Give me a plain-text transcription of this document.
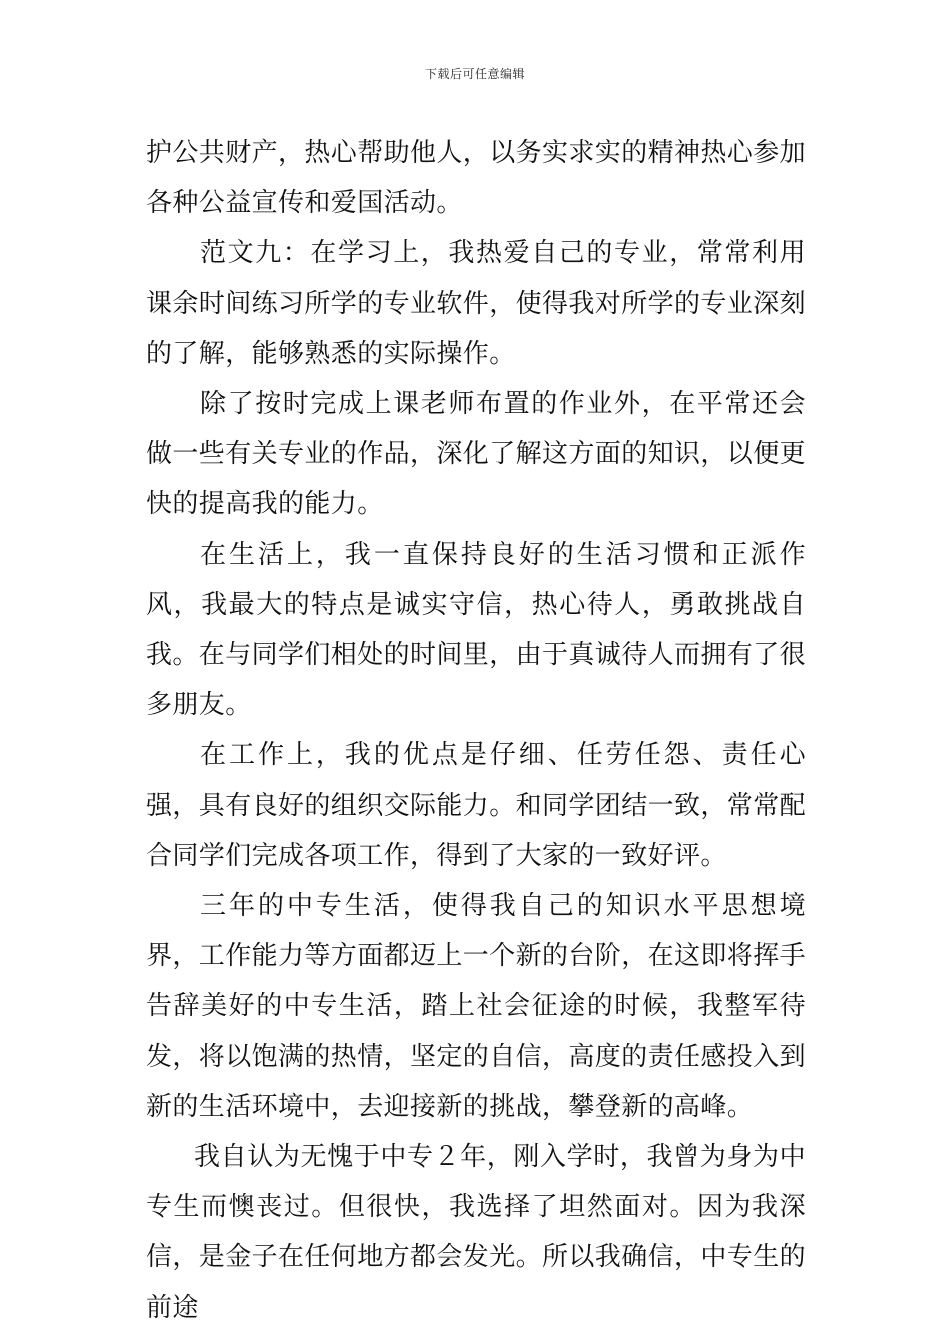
下载后可任意编辑

护公共财产，热心帮助他人，以务实求实的精神热心参加各种公益宣传和爱国活动。

范文九：在学习上，我热爱自己的专业，常常利用课余时间练习所学的专业软件，使得我对所学的专业深刻的了解，能够熟悉的实际操作。

除了按时完成上课老师布置的作业外，在平常还会做一些有关专业的作品，深化了解这方面的知识，以便更快的提高我的能力。

在生活上，我一直保持良好的生活习惯和正派作风，我最大的特点是诚实守信，热心待人，勇敢挑战自我。在与同学们相处的时间里，由于真诚待人而拥有了很多朋友。

在工作上，我的优点是仔细、任劳任怨、责任心强，具有良好的组织交际能力。和同学团结一致，常常配合同学们完成各项工作，得到了大家的一致好评。

三年的中专生活，使得我自己的知识水平思想境界，工作能力等方面都迈上一个新的台阶，在这即将挥手告辞美好的中专生活，踏上社会征途的时候，我整军待发，将以饱满的热情，坚定的自信，高度的责任感投入到新的生活环境中，去迎接新的挑战，攀登新的高峰。

我自认为无愧于中专２年，刚入学时，我曾为身为中专生而懊丧过。但很快，我选择了坦然面对。因为我深信，是金子在任何地方都会发光。所以我确信，中专生的前途
